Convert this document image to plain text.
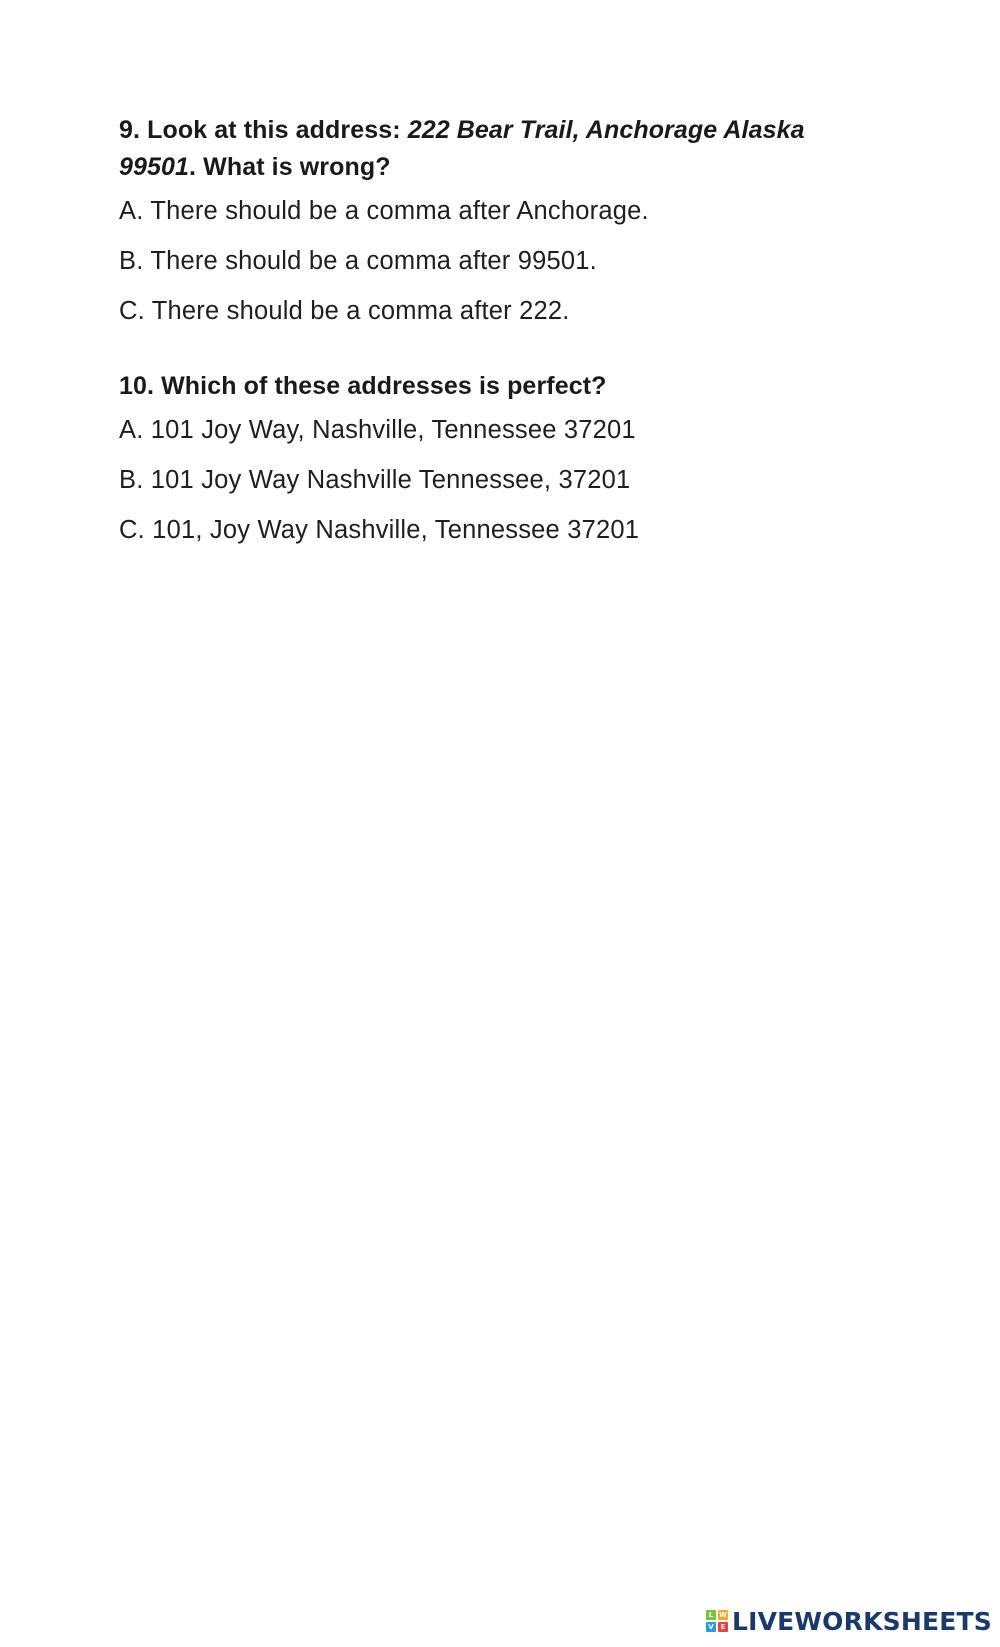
9. Look at this address: 222 Bear Trail, Anchorage Alaska 99501. What is wrong?

A. There should be a comma after Anchorage.

B. There should be a comma after 99501.

C. There should be a comma after 222.

10. Which of these addresses is perfect?

A. 101 Joy Way, Nashville, Tennessee 37201

B. 101 Joy Way Nashville Tennessee, 37201

C. 101, Joy Way Nashville, Tennessee 37201

L W
V E LIVEWORKSHEETS
